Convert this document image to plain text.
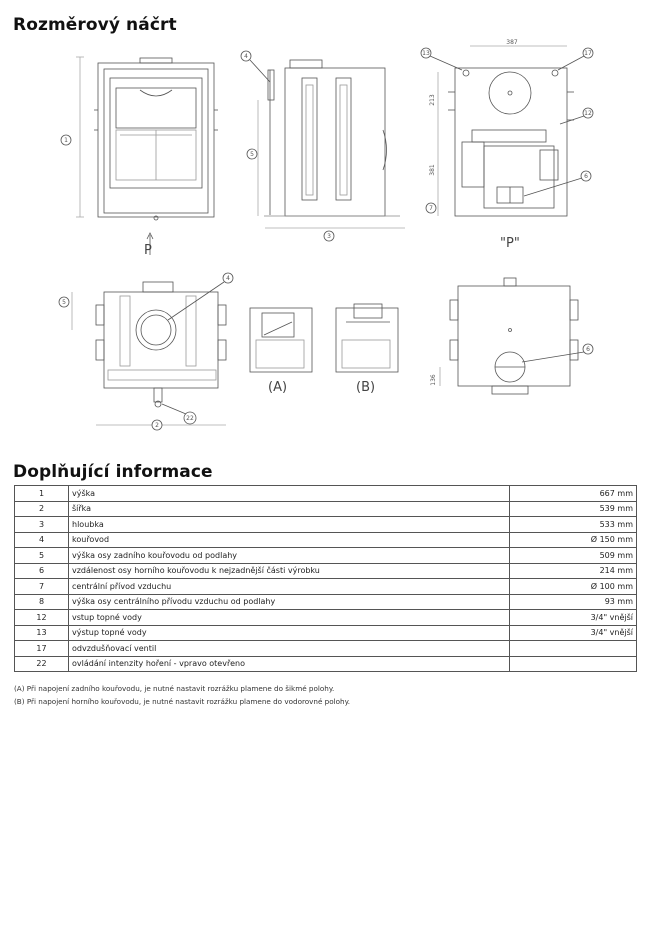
Rozměrový náčrt
1
P
3
5
4
387
213
381
7
13	17
12
6
"P"
22
2
5
4
(A)	(B)	136
6
Doplňující informace
1	výška	667 mm
2	šířka	539 mm
3	hloubka	533 mm
4	kouřovod	Ø 150 mm
5	výška osy zadního kouřovodu od podlahy	509 mm
6	vzdálenost osy horního kouřovodu k nejzadnější části výrobku	214 mm
7	centrální přívod vzduchu	Ø 100 mm
8	výška osy centrálního přívodu vzduchu od podlahy	93 mm
12	vstup topné vody	3/4" vnější
13	výstup topné vody	3/4" vnější
17	odvzdušňovací ventil	
22	ovládání intenzity hoření - vpravo otevřeno	
(A) Při napojení zadního kouřovodu, je nutné nastavit rozrážku plamene do šikmé polohy.
(B) Při napojení horního kouřovodu, je nutné nastavit rozrážku plamene do vodorovné polohy.
